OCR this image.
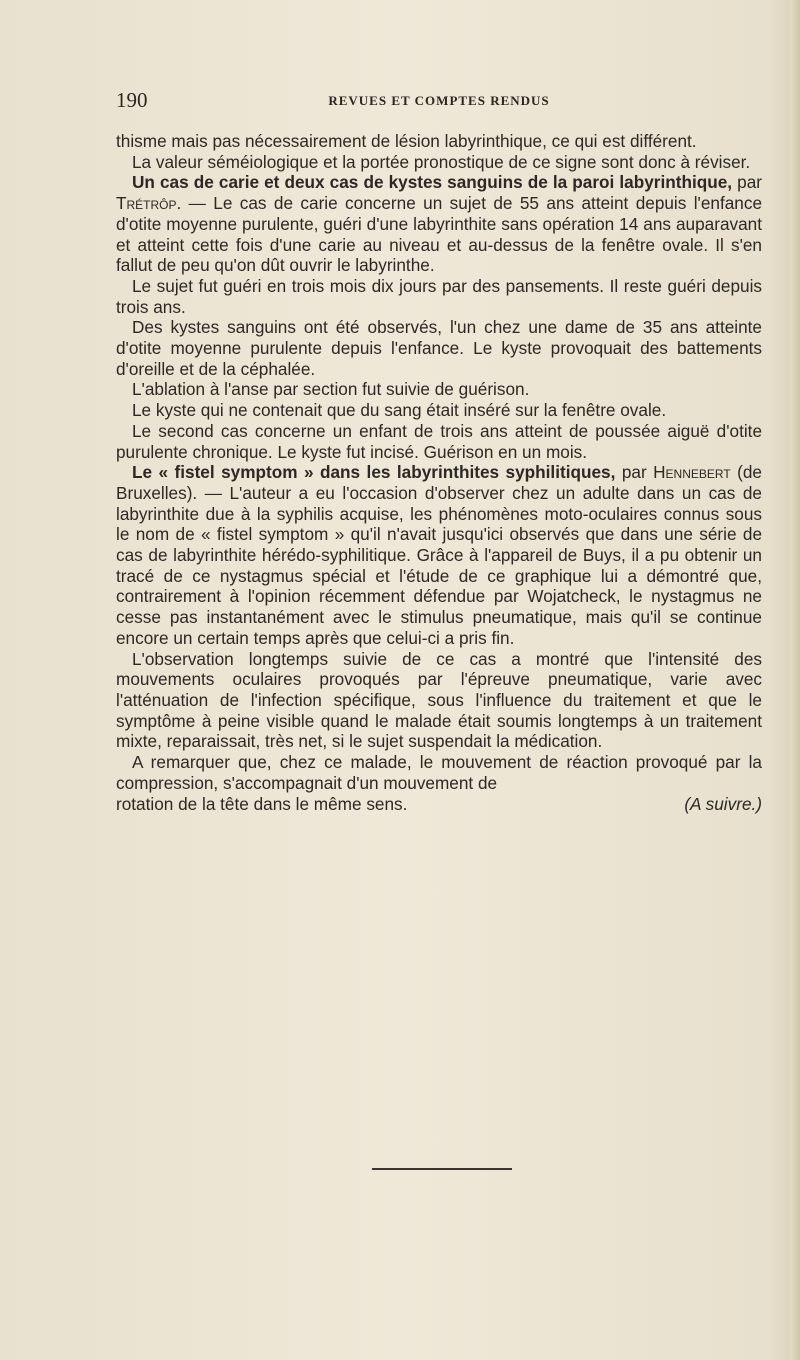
190	REVUES ET COMPTES RENDUS

thisme mais pas nécessairement de lésion labyrinthique, ce qui est différent.

La valeur séméiologique et la portée pronostique de ce signe sont donc à réviser.

Un cas de carie et deux cas de kystes sanguins de la paroi labyrinthique, par Trétrôp. — Le cas de carie concerne un sujet de 55 ans atteint depuis l'enfance d'otite moyenne purulente, guéri d'une labyrinthite sans opération 14 ans auparavant et atteint cette fois d'une carie au niveau et au-dessus de la fenêtre ovale. Il s'en fallut de peu qu'on dût ouvrir le labyrinthe.

Le sujet fut guéri en trois mois dix jours par des pansements. Il reste guéri depuis trois ans.

Des kystes sanguins ont été observés, l'un chez une dame de 35 ans atteinte d'otite moyenne purulente depuis l'enfance. Le kyste provoquait des battements d'oreille et de la céphalée.

L'ablation à l'anse par section fut suivie de guérison.

Le kyste qui ne contenait que du sang était inséré sur la fenêtre ovale.

Le second cas concerne un enfant de trois ans atteint de poussée aiguë d'otite purulente chronique. Le kyste fut incisé. Guérison en un mois.

Le « fistel symptom » dans les labyrinthites syphilitiques, par Hennebert (de Bruxelles). — L'auteur a eu l'occasion d'observer chez un adulte dans un cas de labyrinthite due à la syphilis acquise, les phénomènes moto-oculaires connus sous le nom de « fistel symptom » qu'il n'avait jusqu'ici observés que dans une série de cas de labyrinthite hérédo-syphilitique. Grâce à l'appareil de Buys, il a pu obtenir un tracé de ce nystagmus spécial et l'étude de ce graphique lui a démontré que, contrairement à l'opinion récemment défendue par Wojatcheck, le nystagmus ne cesse pas instantanément avec le stimulus pneumatique, mais qu'il se continue encore un certain temps après que celui-ci a pris fin.

L'observation longtemps suivie de ce cas a montré que l'intensité des mouvements oculaires provoqués par l'épreuve pneumatique, varie avec l'atténuation de l'infection spécifique, sous l'influence du traitement et que le symptôme à peine visible quand le malade était soumis longtemps à un traitement mixte, reparaissait, très net, si le sujet suspendait la médication.

A remarquer que, chez ce malade, le mouvement de réaction provoqué par la compression, s'accompagnait d'un mouvement de

rotation de la tête dans le même sens.	(A suivre.)
